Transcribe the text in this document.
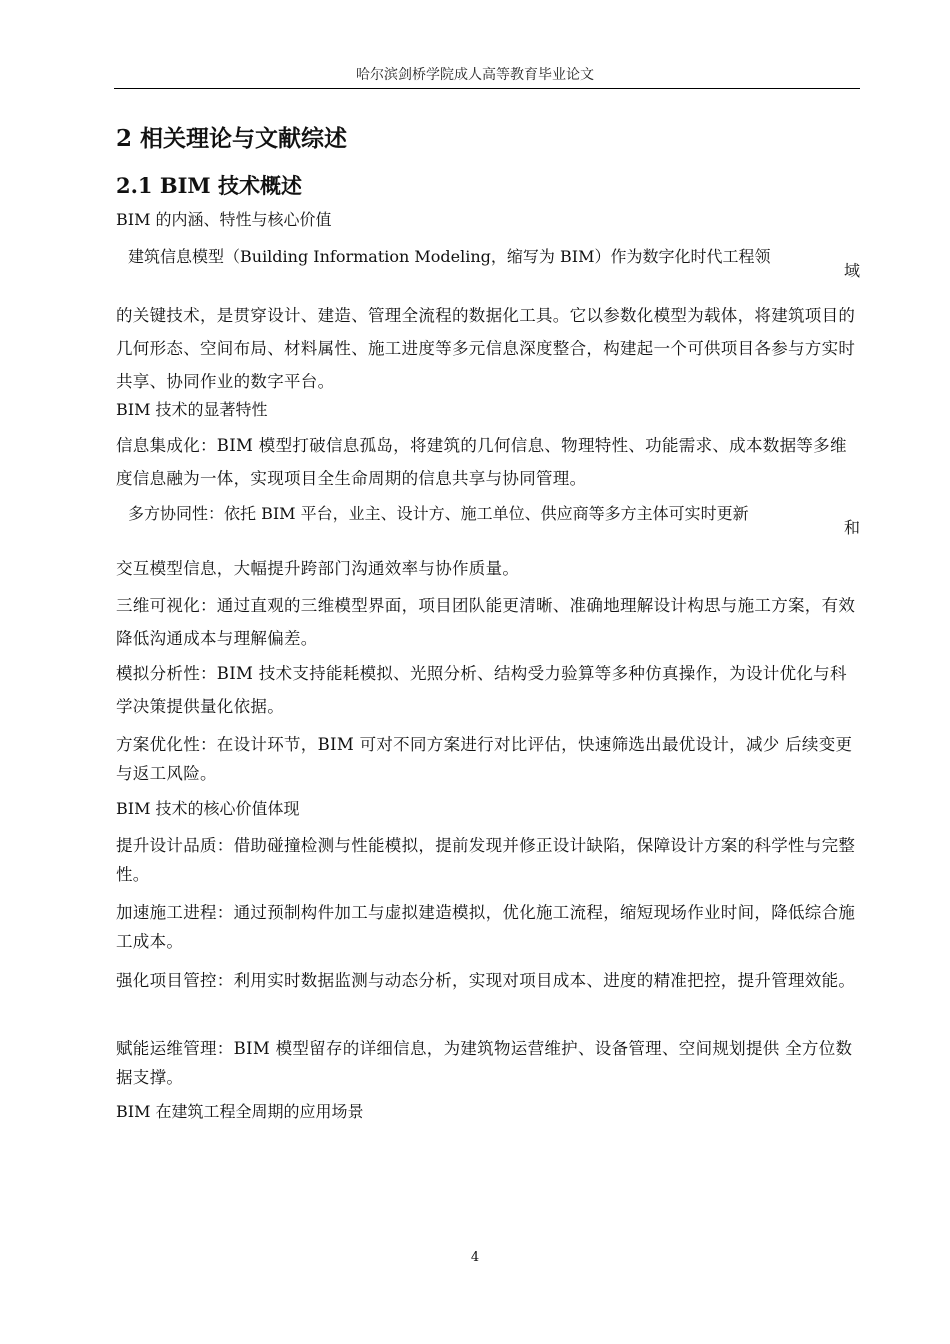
哈尔滨剑桥学院成人高等教育毕业论文
2 相关理论与文献综述
2.1 BIM 技术概述
BIM 的内涵、特性与核心价值
建筑信息模型（Building Information Modeling，缩写为 BIM）作为数字化时代工程领
域

的关键技术，是贯穿设计、建造、管理全流程的数据化工具。它以参数化模型为载体，将建筑项目的几何形态、空间布局、材料属性、施工进度等多元信息深度整合，构建起一个可供项目各参与方实时共享、协同作业的数字平台。

BIM 技术的显著特性

信息集成化：BIM 模型打破信息孤岛，将建筑的几何信息、物理特性、功能需求、成本数据等多维度信息融为一体，实现项目全生命周期的信息共享与协同管理。

多方协同性：依托 BIM 平台，业主、设计方、施工单位、供应商等多方主体可实时更新
和

交互模型信息，大幅提升跨部门沟通效率与协作质量。

三维可视化：通过直观的三维模型界面，项目团队能更清晰、准确地理解设计构思与施工方案，有效降低沟通成本与理解偏差。

模拟分析性：BIM 技术支持能耗模拟、光照分析、结构受力验算等多种仿真操作，为设计优化与科学决策提供量化依据。

方案优化性：在设计环节，BIM 可对不同方案进行对比评估，快速筛选出最优设计，减少 后续变更与返工风险。

BIM 技术的核心价值体现

提升设计品质：借助碰撞检测与性能模拟，提前发现并修正设计缺陷，保障设计方案的科学性与完整性。

加速施工进程：通过预制构件加工与虚拟建造模拟，优化施工流程，缩短现场作业时间，降低综合施工成本。

强化项目管控：利用实时数据监测与动态分析，实现对项目成本、进度的精准把控，提升管理效能。

赋能运维管理：BIM 模型留存的详细信息，为建筑物运营维护、设备管理、空间规划提供 全方位数据支撑。

BIM 在建筑工程全周期的应用场景
4
